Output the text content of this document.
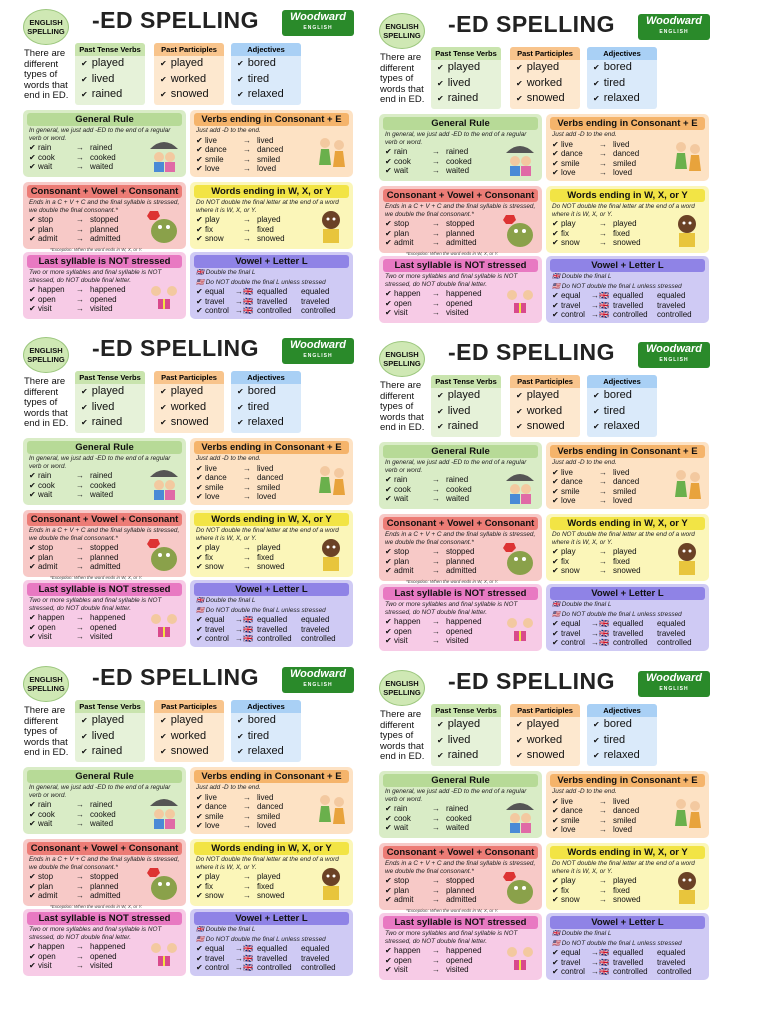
ENGLISH SPELLING -ED SPELLING	Woodward
ENGLISH
There are different types of words that end in ED.
Past Tense Verbs
✔ played
✔ lived
✔ rained
Past Participles
✔ played
✔ worked
✔ snowed
Adjectives
✔ bored
✔ tired
✔ relaxed
General Rule
In general, we just add -ED to the end of a regular verb or word.
✔ rain	→ rained
✔ cook	→ cooked
✔ wait	→ waited
Verbs ending in Consonant + E
Just add -D to the end.
✔ live	→ lived
✔ dance → danced
✔ smile → smiled
✔ love	→ loved
Consonant + Vowel + Consonant
Ends in a C + V + C and the final syllable is stressed, we double the final consonant.*
✔ stop	→ stopped
✔ plan	→ planned
✔ admit → admitted
Words ending in W, X, or Y
Do NOT double the final letter at the end of a word where it is W, X, or Y.
✔ play	→ played
✔ fix	→ fixed
✔ snow → snowed
*Exception: When the word ends in W, X, or Y.
Last syllable is NOT stressed
Two or more syllables and final syllable is NOT stressed, do NOT double final letter.
✔ happen → happened
✔ open	→ opened
✔ visit	→ visited
Vowel + Letter L
🇬🇧 Double the final L
🇺🇸 Do NOT double the final L unless stressed
✔ equal →🇬🇧 equalled equaled
✔ travel →🇬🇧 travelled traveled
✔ control →🇬🇧 controlled controlled
ENGLISH SPELLING -ED SPELLING	Woodward
ENGLISH
There are different types of words that end in ED.
Past Tense Verbs
✔ played
✔ lived
✔ rained
Past Participles
✔ played
✔ worked
✔ snowed
Adjectives
✔ bored
✔ tired
✔ relaxed
General Rule
In general, we just add -ED to the end of a regular verb or word.
✔ rain	→ rained
✔ cook	→ cooked
✔ wait	→ waited
Verbs ending in Consonant + E
Just add -D to the end.
✔ live	→ lived
✔ dance → danced
✔ smile → smiled
✔ love	→ loved
Consonant + Vowel + Consonant
Ends in a C + V + C and the final syllable is stressed, we double the final consonant.*
✔ stop	→ stopped
✔ plan	→ planned
✔ admit → admitted
Words ending in W, X, or Y
Do NOT double the final letter at the end of a word where it is W, X, or Y.
✔ play	→ played
✔ fix	→ fixed
✔ snow → snowed
*Exception: When the word ends in W, X, or Y.
Last syllable is NOT stressed
Two or more syllables and final syllable is NOT stressed, do NOT double final letter.
✔ happen → happened
✔ open	→ opened
✔ visit	→ visited
Vowel + Letter L
🇬🇧 Double the final L
🇺🇸 Do NOT double the final L unless stressed
✔ equal →🇬🇧 equalled equaled
✔ travel →🇬🇧 travelled traveled
✔ control →🇬🇧 controlled controlled
ENGLISH SPELLING -ED SPELLING	Woodward
ENGLISH
There are different types of words that end in ED.
Past Tense Verbs
✔ played
✔ lived
✔ rained
Past Participles
✔ played
✔ worked
✔ snowed
Adjectives
✔ bored
✔ tired
✔ relaxed
General Rule
In general, we just add -ED to the end of a regular verb or word.
✔ rain	→ rained
✔ cook	→ cooked
✔ wait	→ waited
Verbs ending in Consonant + E
Just add -D to the end.
✔ live	→ lived
✔ dance → danced
✔ smile → smiled
✔ love	→ loved
Consonant + Vowel + Consonant
Ends in a C + V + C and the final syllable is stressed, we double the final consonant.*
✔ stop	→ stopped
✔ plan	→ planned
✔ admit → admitted
Words ending in W, X, or Y
Do NOT double the final letter at the end of a word where it is W, X, or Y.
✔ play	→ played
✔ fix	→ fixed
✔ snow → snowed
*Exception: When the word ends in W, X, or Y.
Last syllable is NOT stressed
Two or more syllables and final syllable is NOT stressed, do NOT double final letter.
✔ happen → happened
✔ open	→ opened
✔ visit	→ visited
Vowel + Letter L
🇬🇧 Double the final L
🇺🇸 Do NOT double the final L unless stressed
✔ equal →🇬🇧 equalled equaled
✔ travel →🇬🇧 travelled traveled
✔ control →🇬🇧 controlled controlled
ENGLISH SPELLING -ED SPELLING	Woodward
ENGLISH
There are different types of words that end in ED.
Past Tense Verbs
✔ played
✔ lived
✔ rained
Past Participles
✔ played
✔ worked
✔ snowed
Adjectives
✔ bored
✔ tired
✔ relaxed
General Rule
In general, we just add -ED to the end of a regular verb or word.
✔ rain	→ rained
✔ cook	→ cooked
✔ wait	→ waited
Verbs ending in Consonant + E
Just add -D to the end.
✔ live	→ lived
✔ dance → danced
✔ smile → smiled
✔ love	→ loved
Consonant + Vowel + Consonant
Ends in a C + V + C and the final syllable is stressed, we double the final consonant.*
✔ stop	→ stopped
✔ plan	→ planned
✔ admit → admitted
Words ending in W, X, or Y
Do NOT double the final letter at the end of a word where it is W, X, or Y.
✔ play	→ played
✔ fix	→ fixed
✔ snow → snowed
*Exception: When the word ends in W, X, or Y.
Last syllable is NOT stressed
Two or more syllables and final syllable is NOT stressed, do NOT double final letter.
✔ happen → happened
✔ open	→ opened
✔ visit	→ visited
Vowel + Letter L
🇬🇧 Double the final L
🇺🇸 Do NOT double the final L unless stressed
✔ equal →🇬🇧 equalled equaled
✔ travel →🇬🇧 travelled traveled
✔ control →🇬🇧 controlled controlled
ENGLISH SPELLING -ED SPELLING	Woodward
ENGLISH
There are different types of words that end in ED.
Past Tense Verbs
✔ played
✔ lived
✔ rained
Past Participles
✔ played
✔ worked
✔ snowed
Adjectives
✔ bored
✔ tired
✔ relaxed
General Rule
In general, we just add -ED to the end of a regular verb or word.
✔ rain	→ rained
✔ cook	→ cooked
✔ wait	→ waited
Verbs ending in Consonant + E
Just add -D to the end.
✔ live	→ lived
✔ dance → danced
✔ smile → smiled
✔ love	→ loved
Consonant + Vowel + Consonant
Ends in a C + V + C and the final syllable is stressed, we double the final consonant.*
✔ stop	→ stopped
✔ plan	→ planned
✔ admit → admitted
Words ending in W, X, or Y
Do NOT double the final letter at the end of a word where it is W, X, or Y.
✔ play	→ played
✔ fix	→ fixed
✔ snow → snowed
*Exception: When the word ends in W, X, or Y.
Last syllable is NOT stressed
Two or more syllables and final syllable is NOT stressed, do NOT double final letter.
✔ happen → happened
✔ open	→ opened
✔ visit	→ visited
Vowel + Letter L
🇬🇧 Double the final L
🇺🇸 Do NOT double the final L unless stressed
✔ equal →🇬🇧 equalled equaled
✔ travel →🇬🇧 travelled traveled
✔ control →🇬🇧 controlled controlled
ENGLISH SPELLING -ED SPELLING	Woodward
ENGLISH
There are different types of words that end in ED.
Past Tense Verbs
✔ played
✔ lived
✔ rained
Past Participles
✔ played
✔ worked
✔ snowed
Adjectives
✔ bored
✔ tired
✔ relaxed
General Rule
In general, we just add -ED to the end of a regular verb or word.
✔ rain	→ rained
✔ cook	→ cooked
✔ wait	→ waited
Verbs ending in Consonant + E
Just add -D to the end.
✔ live	→ lived
✔ dance → danced
✔ smile → smiled
✔ love	→ loved
Consonant + Vowel + Consonant
Ends in a C + V + C and the final syllable is stressed, we double the final consonant.*
✔ stop	→ stopped
✔ plan	→ planned
✔ admit → admitted
Words ending in W, X, or Y
Do NOT double the final letter at the end of a word where it is W, X, or Y.
✔ play	→ played
✔ fix	→ fixed
✔ snow → snowed
*Exception: When the word ends in W, X, or Y.
Last syllable is NOT stressed
Two or more syllables and final syllable is NOT stressed, do NOT double final letter.
✔ happen → happened
✔ open	→ opened
✔ visit	→ visited
Vowel + Letter L
🇬🇧 Double the final L
🇺🇸 Do NOT double the final L unless stressed
✔ equal →🇬🇧 equalled equaled
✔ travel →🇬🇧 travelled traveled
✔ control →🇬🇧 controlled controlled
